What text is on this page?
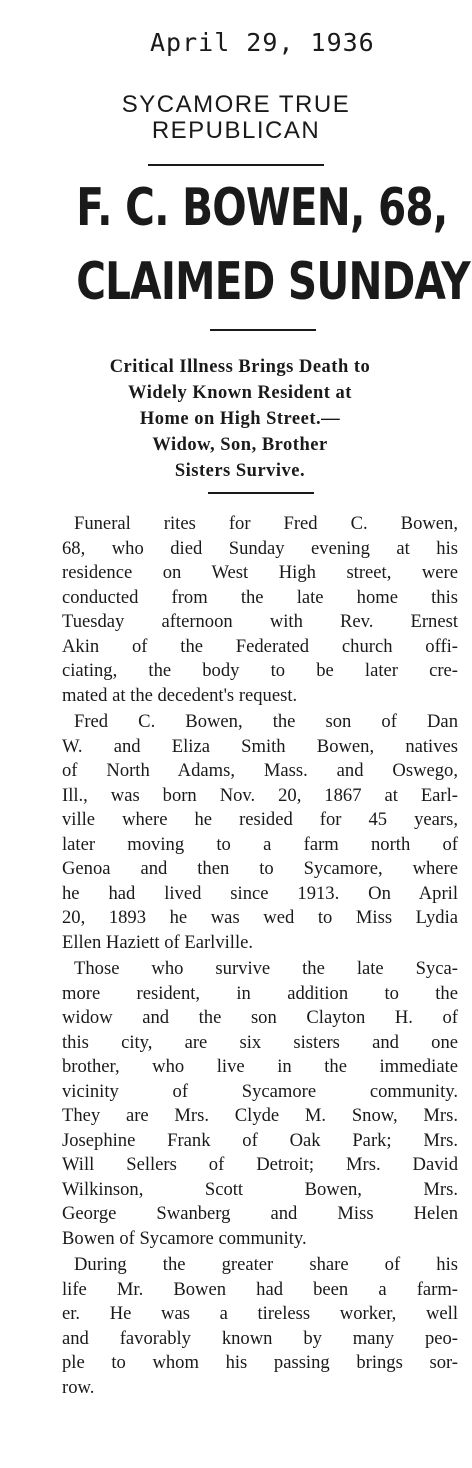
April 29, 1936
SYCAMORE TRUE
REPUBLICAN
F. C. BOWEN, 68,
CLAIMED SUNDAY
Critical Illness Brings Death to
Widely Known Resident at
Home on High Street.—
Widow, Son, Brother
Sisters Survive.
Funeral rites for Fred C. Bowen,
68, who died Sunday evening at his
residence on West High street, were
conducted from the late home this
Tuesday afternoon with Rev. Ernest
Akin of the Federated church offi-
ciating, the body to be later cre-
mated at the decedent's request.
Fred C. Bowen, the son of Dan
W. and Eliza Smith Bowen, natives
of North Adams, Mass. and Oswego,
Ill., was born Nov. 20, 1867 at Earl-
ville where he resided for 45 years,
later moving to a farm north of
Genoa and then to Sycamore, where
he had lived since 1913. On April
20, 1893 he was wed to Miss Lydia
Ellen Haziett of Earlville.
Those who survive the late Syca-
more resident, in addition to the
widow and the son Clayton H. of
this city, are six sisters and one
brother, who live in the immediate
vicinity of Sycamore community.
They are Mrs. Clyde M. Snow, Mrs.
Josephine Frank of Oak Park; Mrs.
Will Sellers of Detroit; Mrs. David
Wilkinson, Scott Bowen, Mrs.
George Swanberg and Miss Helen
Bowen of Sycamore community.
During the greater share of his
life Mr. Bowen had been a farm-
er. He was a tireless worker, well
and favorably known by many peo-
ple to whom his passing brings sor-
row.
